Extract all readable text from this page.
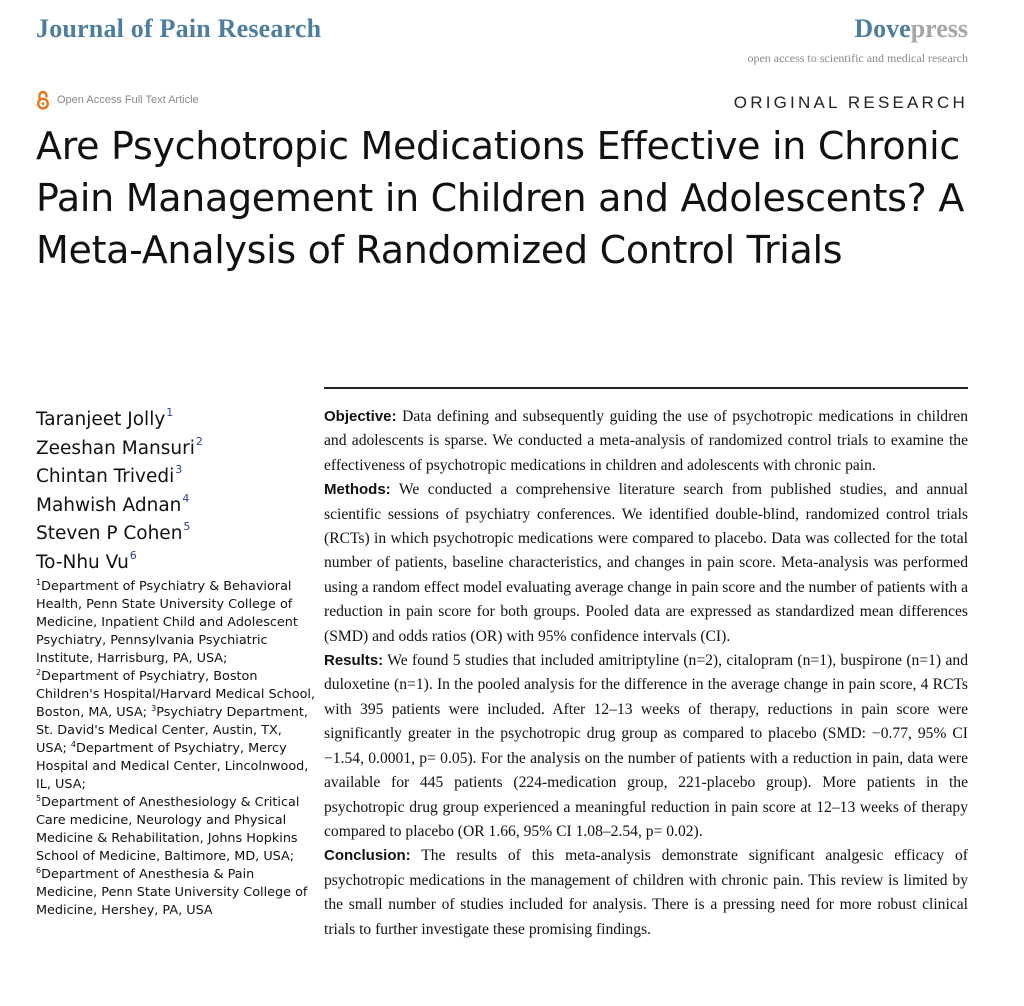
Journal of Pain Research	Dovepress
open access to scientific and medical research
Open Access Full Text Article	ORIGINAL RESEARCH
Are Psychotropic Medications Effective in Chronic Pain Management in Children and Adolescents? A Meta-Analysis of Randomized Control Trials
Taranjeet Jolly$^1$
Zeeshan Mansuri$^2$
Chintan Trivedi$^3$
Mahwish Adnan$^4$
Steven P Cohen$^5$
To-Nhu Vu$^6$
$^1$Department of Psychiatry & Behavioral Health, Penn State University College of Medicine, Inpatient Child and Adolescent Psychiatry, Pennsylvania Psychiatric Institute, Harrisburg, PA, USA;
$^2$Department of Psychiatry, Boston Children's Hospital/Harvard Medical School, Boston, MA, USA; $^3$Psychiatry Department, St. David's Medical Center, Austin, TX, USA; $^4$Department of Psychiatry, Mercy Hospital and Medical Center, Lincolnwood, IL, USA;
$^5$Department of Anesthesiology & Critical Care medicine, Neurology and Physical Medicine & Rehabilitation, Johns Hopkins School of Medicine, Baltimore, MD, USA; $^6$Department of Anesthesia & Pain Medicine, Penn State University College of Medicine, Hershey, PA, USA

Objective: Data defining and subsequently guiding the use of psychotropic medications in children and adolescents is sparse. We conducted a meta-analysis of randomized control trials to examine the effectiveness of psychotropic medications in children and adolescents with chronic pain.

Methods: We conducted a comprehensive literature search from published studies, and annual scientific sessions of psychiatry conferences. We identified double-blind, randomized control trials (RCTs) in which psychotropic medications were compared to placebo. Data was collected for the total number of patients, baseline characteristics, and changes in pain score. Meta-analysis was performed using a random effect model evaluating average change in pain score and the number of patients with a reduction in pain score for both groups. Pooled data are expressed as standardized mean differences (SMD) and odds ratios (OR) with 95% confidence intervals (CI).

Results: We found 5 studies that included amitriptyline (n=2), citalopram (n=1), buspirone (n=1) and duloxetine (n=1). In the pooled analysis for the difference in the average change in pain score, 4 RCTs with 395 patients were included. After 12–13 weeks of therapy, reductions in pain score were significantly greater in the psychotropic drug group as compared to placebo (SMD: −0.77, 95% CI −1.54, 0.0001, p= 0.05). For the analysis on the number of patients with a reduction in pain, data were available for 445 patients (224-medication group, 221-placebo group). More patients in the psychotropic drug group experienced a meaningful reduction in pain score at 12–13 weeks of therapy compared to placebo (OR 1.66, 95% CI 1.08–2.54, p= 0.02).

Conclusion: The results of this meta-analysis demonstrate significant analgesic efficacy of psychotropic medications in the management of children with chronic pain. This review is limited by the small number of studies included for analysis. There is a pressing need for more robust clinical trials to further investigate these promising findings.
